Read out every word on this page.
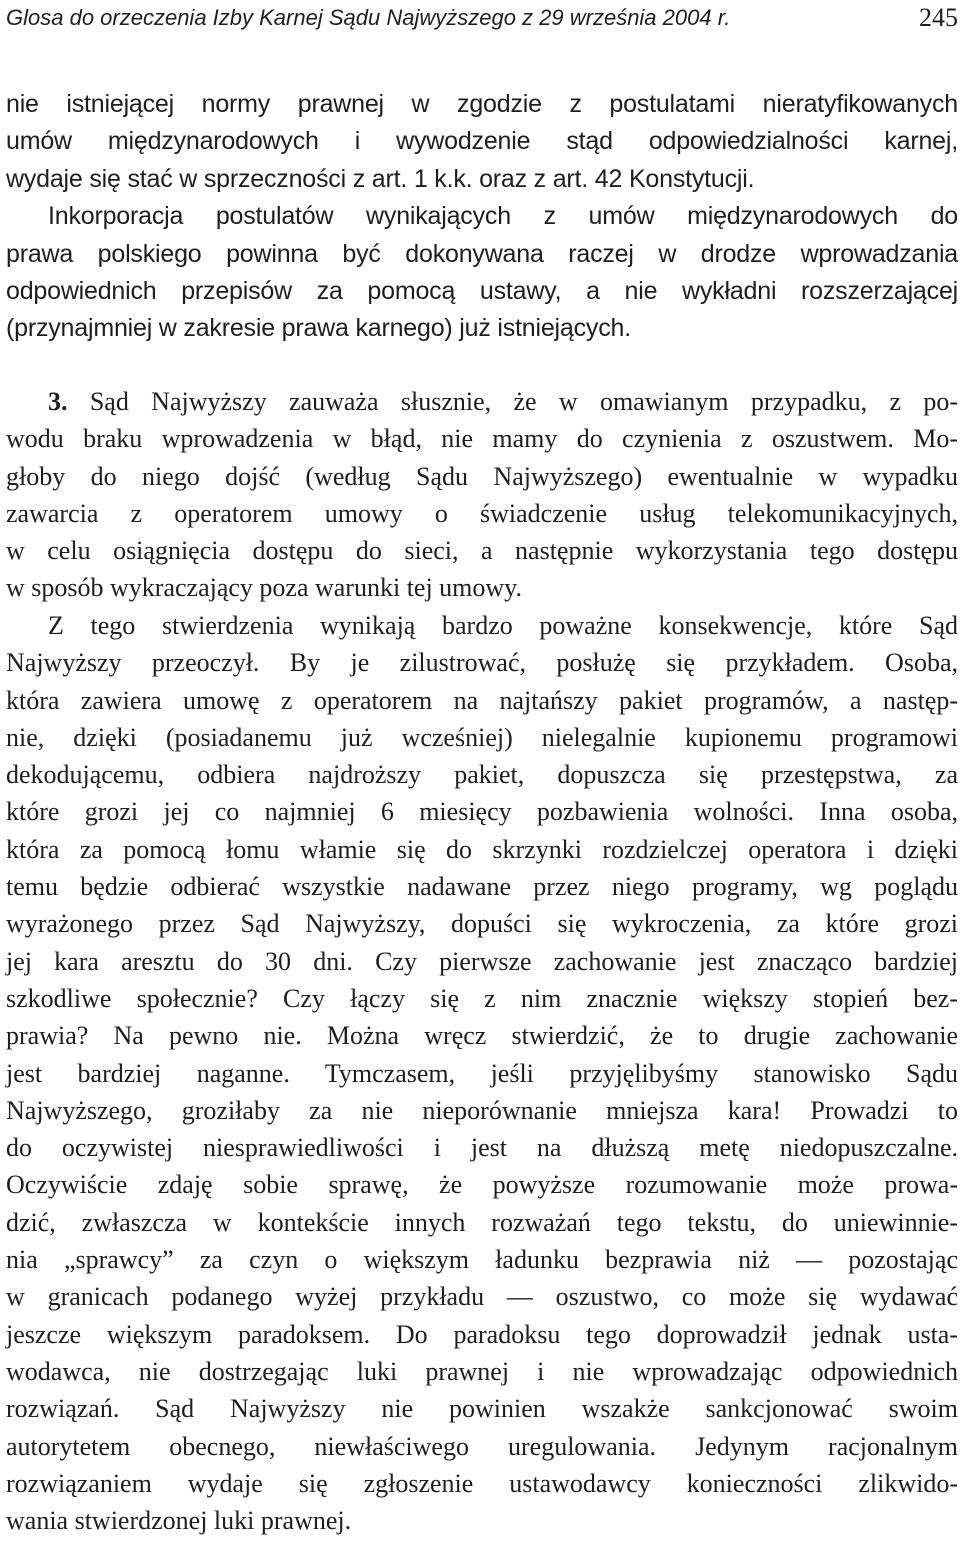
Glosa do orzeczenia Izby Karnej Sądu Najwyższego z 29 września 2004 r.	245
nie istniejącej normy prawnej w zgodzie z postulatami nieratyfikowanych
umów międzynarodowych i wywodzenie stąd odpowiedzialności karnej,
wydaje się stać w sprzeczności z art. 1 k.k. oraz z art. 42 Konstytucji.
Inkorporacja postulatów wynikających z umów międzynarodowych do
prawa polskiego powinna być dokonywana raczej w drodze wprowadzania
odpowiednich przepisów za pomocą ustawy, a nie wykładni rozszerzającej
(przynajmniej w zakresie prawa karnego) już istniejących.
3. Sąd Najwyższy zauważa słusznie, że w omawianym przypadku, z po-
wodu braku wprowadzenia w błąd, nie mamy do czynienia z oszustwem. Mo-
głoby do niego dojść (według Sądu Najwyższego) ewentualnie w wypadku
zawarcia z operatorem umowy o świadczenie usług telekomunikacyjnych,
w celu osiągnięcia dostępu do sieci, a następnie wykorzystania tego dostępu
w sposób wykraczający poza warunki tej umowy.
Z tego stwierdzenia wynikają bardzo poważne konsekwencje, które Sąd
Najwyższy przeoczył. By je zilustrować, posłużę się przykładem. Osoba,
która zawiera umowę z operatorem na najtańszy pakiet programów, a następ-
nie, dzięki (posiadanemu już wcześniej) nielegalnie kupionemu programowi
dekodującemu, odbiera najdroższy pakiet, dopuszcza się przestępstwa, za
które grozi jej co najmniej 6 miesięcy pozbawienia wolności. Inna osoba,
która za pomocą łomu włamie się do skrzynki rozdzielczej operatora i dzięki
temu będzie odbierać wszystkie nadawane przez niego programy, wg poglądu
wyrażonego przez Sąd Najwyższy, dopuści się wykroczenia, za które grozi
jej kara aresztu do 30 dni. Czy pierwsze zachowanie jest znacząco bardziej
szkodliwe społecznie? Czy łączy się z nim znacznie większy stopień bez-
prawia? Na pewno nie. Można wręcz stwierdzić, że to drugie zachowanie
jest bardziej naganne. Tymczasem, jeśli przyjęlibyśmy stanowisko Sądu
Najwyższego, groziłaby za nie nieporównanie mniejsza kara! Prowadzi to
do oczywistej niesprawiedliwości i jest na dłuższą metę niedopuszczalne.
Oczywiście zdaję sobie sprawę, że powyższe rozumowanie może prowa-
dzić, zwłaszcza w kontekście innych rozważań tego tekstu, do uniewinnie-
nia „sprawcy” za czyn o większym ładunku bezprawia niż — pozostając
w granicach podanego wyżej przykładu — oszustwo, co może się wydawać
jeszcze większym paradoksem. Do paradoksu tego doprowadził jednak usta-
wodawca, nie dostrzegając luki prawnej i nie wprowadzając odpowiednich
rozwiązań. Sąd Najwyższy nie powinien wszakże sankcjonować swoim
autorytetem obecnego, niewłaściwego uregulowania. Jedynym racjonalnym
rozwiązaniem wydaje się zgłoszenie ustawodawcy konieczności zlikwido-
wania stwierdzonej luki prawnej.
